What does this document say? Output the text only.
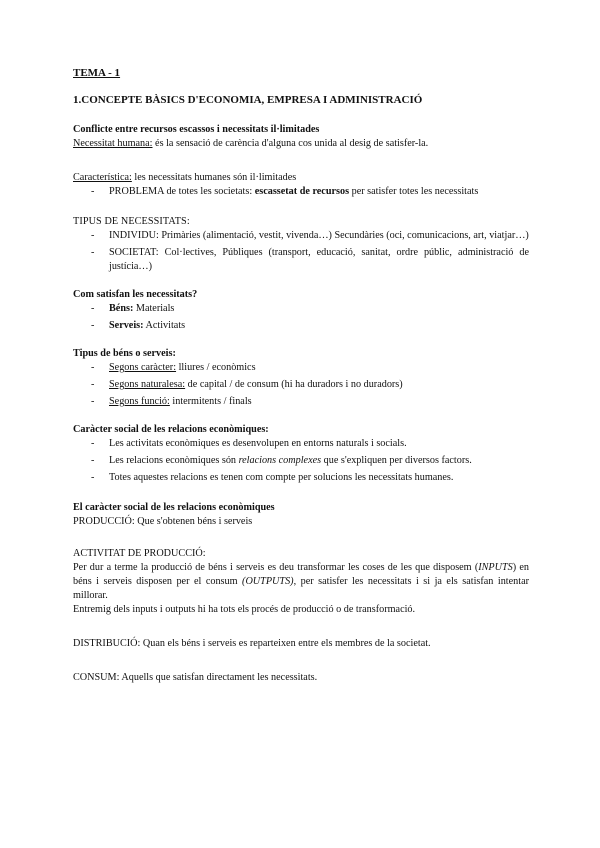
TEMA - 1

1.CONCEPTE BÀSICS D'ECONOMIA, EMPRESA I ADMINISTRACIÓ

Conflicte entre recursos escassos i necessitats il·limitades

Necessitat humana: és la sensació de carència d'alguna cos unida al desig de satisfer-la.

Característica: les necessitats humanes són il·limitades

- PROBLEMA de totes les societats: escassetat de recursos per satisfer totes les necessitats

TIPUS DE NECESSITATS:

- INDIVIDU: Primàries (alimentació, vestit, vivenda…) Secundàries (oci, comunicacions, art, viatjar…)
- SOCIETAT: Col·lectives, Públiques (transport, educació, sanitat, ordre públic, administració de justícia…)

Com satisfan les necessitats?

- Béns: Materials
- Serveis: Activitats

Tipus de béns o serveis:

- Segons caràcter: lliures / econòmics
- Segons naturalesa: de capital / de consum (hi ha duradors i no duradors)
- Segons funció: intermitents / finals

Caràcter social de les relacions econòmiques:

- Les activitats econòmiques es desenvolupen en entorns naturals i socials.
- Les relacions econòmiques són relacions complexes que s'expliquen per diversos factors.
- Totes aquestes relacions es tenen com compte per solucions les necessitats humanes.

El caràcter social de les relacions econòmiques

PRODUCCIÓ: Que s'obtenen béns i serveis

ACTIVITAT DE PRODUCCIÓ:

Per dur a terme la producció de béns i serveis es deu transformar les coses de les que disposem (INPUTS) en béns i serveis disposen per el consum (OUTPUTS), per satisfer les necessitats i si ja els satisfan intentar millorar.

Entremig dels inputs i outputs hi ha tots els procés de producció o de transformació.

DISTRIBUCIÓ: Quan els béns i serveis es reparteixen entre els membres de la societat.

CONSUM: Aquells que satisfan directament les necessitats.
